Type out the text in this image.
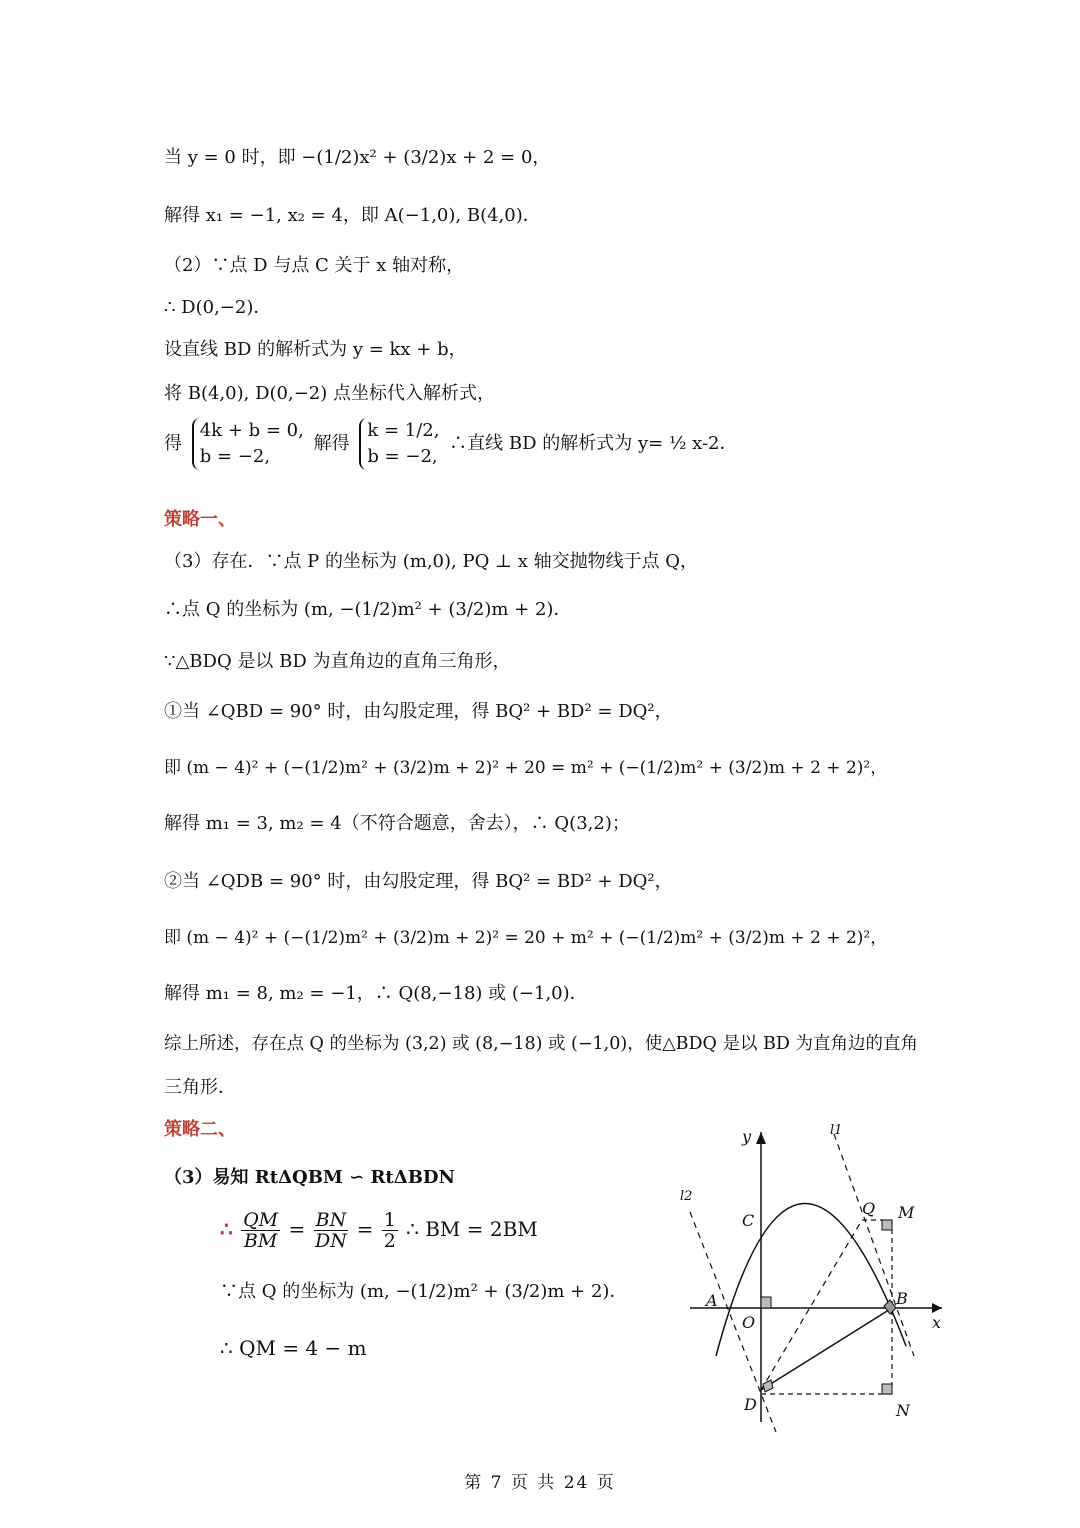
当 y = 0 时，即 −(1/2)x² + (3/2)x + 2 = 0，
解得 x₁ = −1, x₂ = 4，即 A(−1,0), B(4,0)．
（2）∵点 D 与点 C 关于 x 轴对称，
∴ D(0,−2)．
设直线 BD 的解析式为 y = kx + b，
将 B(4,0), D(0,−2) 点坐标代入解析式，
得
4k + b = 0,
b = −2,
解得
k = 1/2,
b = −2,
∴直线 BD 的解析式为 y= ½ x-2．
策略一、
（3）存在．∵点 P 的坐标为 (m,0), PQ ⊥ x 轴交抛物线于点 Q，
∴点 Q 的坐标为 (m, −(1/2)m² + (3/2)m + 2)．
∵△BDQ 是以 BD 为直角边的直角三角形，
①当 ∠QBD = 90° 时，由勾股定理，得 BQ² + BD² = DQ²，
即 (m − 4)² + (−(1/2)m² + (3/2)m + 2)² + 20 = m² + (−(1/2)m² + (3/2)m + 2 + 2)²，
解得 m₁ = 3, m₂ = 4（不符合题意，舍去），∴ Q(3,2)；
②当 ∠QDB = 90° 时，由勾股定理，得 BQ² = BD² + DQ²，
即 (m − 4)² + (−(1/2)m² + (3/2)m + 2)² = 20 + m² + (−(1/2)m² + (3/2)m + 2 + 2)²，
解得 m₁ = 8, m₂ = −1，∴ Q(8,−18) 或 (−1,0)．
综上所述，存在点 Q 的坐标为 (3,2) 或 (8,−18) 或 (−1,0)，使△BDQ 是以 BD 为直角边的直角
三角形．
策略二、
（3）易知 RtΔQBM ∽ RtΔBDN
∴ $\frac{QM}{BM} = \frac{BN}{DN} = \frac{1}{2}$ ∴ BM = 2BM
∵点 Q 的坐标为 (m, −(1/2)m² + (3/2)m + 2)．
∴ QM = 4 − m
y
x
O
A	B
C
D
Q M
N
l1
l2
第 7 页 共 24 页
